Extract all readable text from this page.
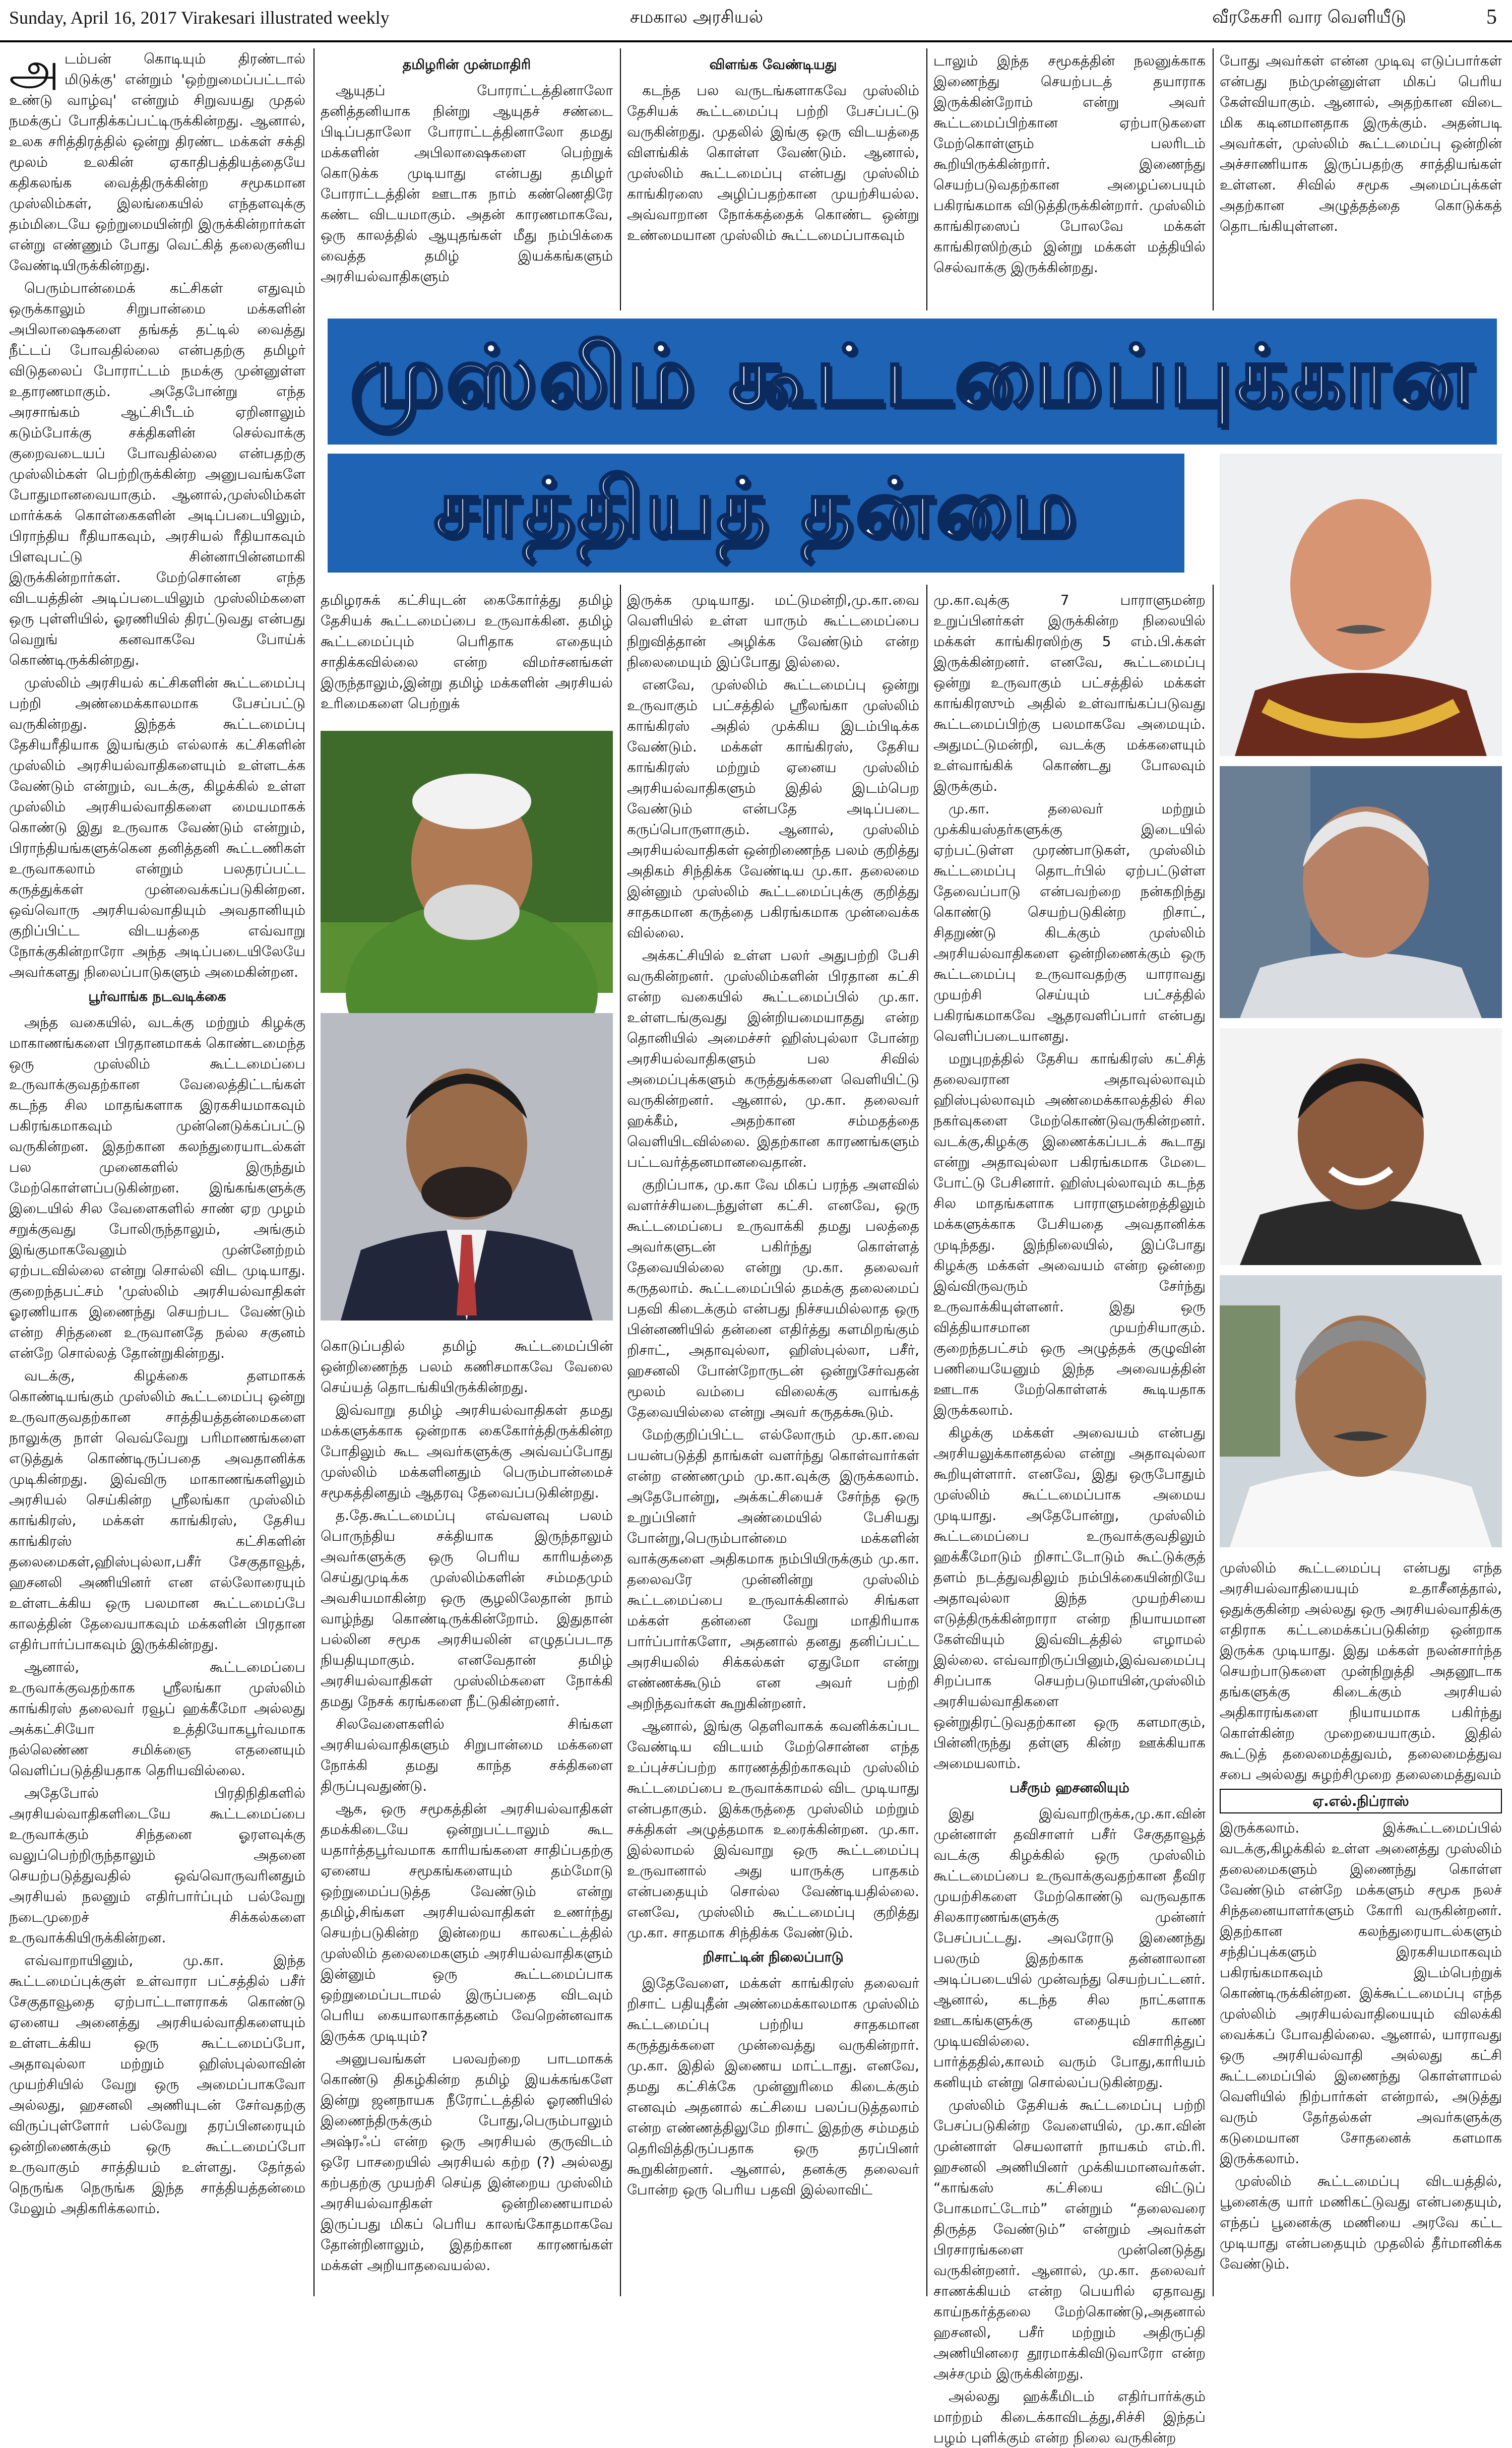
Sunday, April 16, 2017 Virakesari illustrated weekly	சமகால அரசியல்	வீரகேசரி வார வெளியீடு	5

அடம்பன் கொடியும் திரண்டால் மிடுக்கு' என்றும் 'ஒற்றுமைப்பட்டால் உண்டு வாழ்வு' என்றும் சிறுவயது முதல் நமக்குப் போதிக்கப்பட்டிருக்கின்றது. ஆனால், உலக சரித்திரத்தில் ஒன்று திரண்ட மக்கள் சக்தி மூலம் உலகின் ஏகாதிபத்தியத்தையே கதிகலங்க வைத்திருக்கின்ற சமூகமான முஸ்லிம்கள், இலங்கையில் எந்தளவுக்கு தம்மிடையே ஒற்றுமையின்றி இருக்கின்றார்கள் என்று எண்ணும் போது வெட்கித் தலைகுனிய வேண்டியிருக்கின்றது.

பெரும்பான்மைக் கட்சிகள் எதுவும் ஒருக்காலும் சிறுபான்மை மக்களின் அபிலாஷைகளை தங்கத் தட்டில் வைத்து நீட்டப் போவதில்லை என்பதற்கு தமிழர் விடுதலைப் போராட்டம் நமக்கு முன்னுள்ள உதாரணமாகும். அதேபோன்று எந்த அரசாங்கம் ஆட்சிபீடம் ஏறினாலும் கடும்போக்கு சக்திகளின் செல்வாக்கு குறைவடையப் போவதில்லை என்பதற்கு முஸ்லிம்கள் பெற்றிருக்கின்ற அனுபவங்களே போதுமானவையாகும். ஆனால்,முஸ்லிம்கள் மார்க்கக் கொள்கைகளின் அடிப்படையிலும், பிராந்திய ரீதியாகவும், அரசியல் ரீதியாகவும் பிளவுபட்டு சின்னாபின்னமாகி இருக்கின்றார்கள். மேற்சொன்ன எந்த விடயத்தின் அடிப்படையிலும் முஸ்லிம்களை ஒரு புள்ளியில், ஓரணியில் திரட்டுவது என்பது வெறுங் கனவாகவே போய்க் கொண்டிருக்கின்றது.

முஸ்லிம் அரசியல் கட்சிகளின் கூட்டமைப்பு பற்றி அண்மைக்காலமாக பேசப்பட்டு வருகின்றது. இந்தக் கூட்டமைப்பு தேசியரீதியாக இயங்கும் எல்லாக் கட்சிகளின் முஸ்லிம் அரசியல்வாதிகளையும் உள்ளடக்க வேண்டும் என்றும், வடக்கு, கிழக்கில் உள்ள முஸ்லிம் அரசியல்வாதிகளை மையமாகக் கொண்டு இது உருவாக வேண்டும் என்றும், பிராந்தியங்களுக்கென தனித்தனி கூட்டணிகள் உருவாகலாம் என்றும் பலதரப்பட்ட கருத்துக்கள் முன்வைக்கப்படுகின்றன. ஒவ்வொரு அரசியல்வாதியும் அவதானியும் குறிப்பிட்ட விடயத்தை எவ்வாறு நோக்குகின்றாரோ அந்த அடிப்படையிலேயே அவர்களது நிலைப்பாடுகளும் அமைகின்றன.

பூர்வாங்க நடவடிக்கை

அந்த வகையில், வடக்கு மற்றும் கிழக்கு மாகாணங்களை பிரதானமாகக் கொண்டமைந்த ஒரு முஸ்லிம் கூட்டமைப்பை உருவாக்குவதற்கான வேலைத்திட்டங்கள் கடந்த சில மாதங்களாக இரகசியமாகவும் பகிரங்கமாகவும் முன்னெடுக்கப்பட்டு வருகின்றன. இதற்கான கலந்துரையாடல்கள் பல முனைகளில் இருந்தும் மேற்கொள்ளப்படுகின்றன. இங்கங்களுக்கு இடையில் சில வேளைகளில் சாண் ஏற முழம் சறுக்குவது போலிருந்தாலும், அங்கும் இங்குமாகவேனும் முன்னேற்றம் ஏற்படவில்லை என்று சொல்லி விட முடியாது. குறைந்தபட்சம் 'முஸ்லிம் அரசியல்வாதிகள் ஓரணியாக இணைந்து செயற்பட வேண்டும் என்ற சிந்தனை உருவானதே நல்ல சகுனம் என்றே சொல்லத் தோன்றுகின்றது.

வடக்கு, கிழக்கை தளமாகக் கொண்டியங்கும் முஸ்லிம் கூட்டமைப்பு ஒன்று உருவாகுவதற்கான சாத்தியத்தன்மைகளை நாலுக்கு நாள் வெவ்வேறு பரிமாணங்களை எடுத்துக் கொண்டிருப்பதை அவதானிக்க முடிகின்றது. இவ்விரு மாகாணங்களிலும் அரசியல் செய்கின்ற ஸ்ரீலங்கா முஸ்லிம் காங்கிரஸ், மக்கள் காங்கிரஸ், தேசிய காங்கிரஸ் கட்சிகளின் தலைமைகள்,ஹிஸ்புல்லா,பசீர் சேகுதாவூத், ஹசனலி அணியினர் என எல்லோரையும் உள்ளடக்கிய ஒரு பலமான கூட்டமைப்பே காலத்தின் தேவையாகவும் மக்களின் பிரதான எதிர்பார்ப்பாகவும் இருக்கின்றது.

ஆனால், கூட்டமைப்பை உருவாக்குவதற்காக ஸ்ரீலங்கா முஸ்லிம் காங்கிரஸ் தலைவர் ரவூப் ஹக்கீமோ அல்லது அக்கட்சியோ உத்தியோகபூர்வமாக நல்லெண்ண சமிக்ஞை எதனையும் வெளிப்படுத்தியதாக தெரியவில்லை.

அதேபோல் பிரதிநிதிகளில் அரசியல்வாதிகளிடையே கூட்டமைப்பை உருவாக்கும் சிந்தனை ஓரளவுக்கு வலுப்பெற்றிருந்தாலும் அதனை செயற்படுத்துவதில் ஒவ்வொருவரினதும் அரசியல் நலனும் எதிர்பார்ப்பும் பல்வேறு நடைமுறைச் சிக்கல்களை உருவாக்கியிருக்கின்றன.

எவ்வாறாயினும், மு.கா. இந்த கூட்டமைப்புக்குள் உள்வாரா பட்சத்தில் பசீர் சேகுதாவூதை ஏற்பாட்டாளராகக் கொண்டு ஏனைய அனைத்து அரசியல்வாதிகளையும் உள்ளடக்கிய ஒரு கூட்டமைப்போ, அதாவுல்லா மற்றும் ஹிஸ்புல்லாவின் முயற்சியில் வேறு ஒரு அமைப்பாகவோ அல்லது, ஹசனலி அணியுடன் சேர்வதற்கு விருப்புள்ளோர் பல்வேறு தரப்பினரையும் ஒன்றிணைக்கும் ஒரு கூட்டமைப்போ உருவாகும் சாத்தியம் உள்ளது. தேர்தல் நெருங்க நெருங்க இந்த சாத்தியத்தன்மை மேலும் அதிகரிக்கலாம்.

தமிழரின் முன்மாதிரி

ஆயுதப் போராட்டத்தினாலோ தனித்தனியாக நின்று ஆயுதச் சண்டை பிடிப்பதாலோ போராட்டத்தினாலோ தமது மக்களின் அபிலாஷைகளை பெற்றுக் கொடுக்க முடியாது என்பது தமிழர் போராட்டத்தின் ஊடாக நாம் கண்ணெதிரே கண்ட விடயமாகும். அதன் காரணமாகவே, ஒரு காலத்தில் ஆயுதங்கள் மீது நம்பிக்கை வைத்த தமிழ் இயக்கங்களும் அரசியல்வாதிகளும்

விளங்க வேண்டியது

கடந்த பல வருடங்களாகவே முஸ்லிம் தேசியக் கூட்டமைப்பு பற்றி பேசப்பட்டு வருகின்றது. முதலில் இங்கு ஒரு விடயத்தை விளங்கிக் கொள்ள வேண்டும். ஆனால், முஸ்லிம் கூட்டமைப்பு என்பது முஸ்லிம் காங்கிரஸை அழிப்பதற்கான முயற்சியல்ல. அவ்வாறான நோக்கத்தைக் கொண்ட ஒன்று உண்மையான முஸ்லிம் கூட்டமைப்பாகவும்

டாலும் இந்த சமூகத்தின் நலனுக்காக இணைந்து செயற்படத் தயாராக இருக்கின்றோம் என்று அவர் கூட்டமைப்பிற்கான ஏற்பாடுகளை மேற்கொள்ளும் பலரிடம் கூறியிருக்கின்றார். இணைந்து செயற்படுவதற்கான அழைப்பையும் பகிரங்கமாக விடுத்திருக்கின்றார். முஸ்லிம் காங்கிரஸைப் போலவே மக்கள் காங்கிரஸிற்கும் இன்று மக்கள் மத்தியில் செல்வாக்கு இருக்கின்றது.

போது அவர்கள் என்ன முடிவு எடுப்பார்கள் என்பது நம்முன்னுள்ள மிகப் பெரிய கேள்வியாகும். ஆனால், அதற்கான விடை மிக கடினமானதாக இருக்கும். அதன்படி அவர்கள், முஸ்லிம் கூட்டமைப்பு ஒன்றின் அச்சாணியாக இருப்பதற்கு சாத்தியங்கள் உள்ளன. சிவில் சமூக அமைப்புக்கள் அதற்கான அழுத்தத்தை கொடுக்கத் தொடங்கியுள்ளன.

முஸ்லிம் கூட்டமைப்புக்கான
சாத்தியத் தன்மை

தமிழரசுக் கட்சியுடன் கைகோர்த்து தமிழ் தேசியக் கூட்டமைப்பை உருவாக்கின. தமிழ் கூட்டமைப்பும் பெரிதாக எதையும் சாதிக்கவில்லை என்ற விமர்சனங்கள் இருந்தாலும்,இன்று தமிழ் மக்களின் அரசியல் உரிமைகளை பெற்றுக்

கொடுப்பதில் தமிழ் கூட்டமைப்பின் ஒன்றிணைந்த பலம் கணிசமாகவே வேலை செய்யத் தொடங்கியிருக்கின்றது.

இவ்வாறு தமிழ் அரசியல்வாதிகள் தமது மக்களுக்காக ஒன்றாக கைகோர்த்திருக்கின்ற போதிலும் கூட அவர்களுக்கு அவ்வப்போது முஸ்லிம் மக்களினதும் பெரும்பான்மைச் சமூகத்தினதும் ஆதரவு தேவைப்படுகின்றது.

த.தே.கூட்டமைப்பு எவ்வளவு பலம் பொருந்திய சக்தியாக இருந்தாலும் அவர்களுக்கு ஒரு பெரிய காரியத்தை செய்துமுடிக்க முஸ்லிம்களின் சம்மதமும் அவசியமாகின்ற ஒரு சூழலிலேதான் நாம் வாழ்ந்து கொண்டிருக்கின்றோம். இதுதான் பல்லின சமூக அரசியலின் எழுதப்படாத நியதியுமாகும். எனவேதான் தமிழ் அரசியல்வாதிகள் முஸ்லிம்களை நோக்கி தமது நேசக் கரங்களை நீட்டுகின்றனர்.

சிலவேளைகளில் சிங்கள அரசியல்வாதிகளும் சிறுபான்மை மக்களை நோக்கி தமது காந்த சக்திகளை திருப்புவதுண்டு.

ஆக, ஒரு சமூகத்தின் அரசியல்வாதிகள் தமக்கிடையே ஒன்றுபட்டாலும் கூட யதார்த்தபூர்வமாக காரியங்களை சாதிப்பதற்கு ஏனைய சமூகங்களையும் தம்மோடு ஒற்றுமைப்படுத்த வேண்டும் என்று தமிழ்,சிங்கள அரசியல்வாதிகள் உணர்ந்து செயற்படுகின்ற இன்றைய காலகட்டத்தில் முஸ்லிம் தலைமைகளும் அரசியல்வாதிகளும் இன்னும் ஒரு கூட்டமைப்பாக ஒற்றுமைப்படாமல் இருப்பதை விடவும் பெரிய கையாலாகாத்தனம் வேறென்னவாக இருக்க முடியும்?

அனுபவங்கள் பலவற்றை பாடமாகக் கொண்டு திகழ்கின்ற தமிழ் இயக்கங்களே இன்று ஜனநாயக நீரோட்டத்தில் ஓரணியில் இணைந்திருக்கும் போது,பெரும்பாலும் அஷ்ரஃப் என்ற ஒரு அரசியல் குருவிடம் ஒரே பாசறையில் அரசியல் கற்ற (?) அல்லது கற்பதற்கு முயற்சி செய்த இன்றைய முஸ்லிம் அரசியல்வாதிகள் ஒன்றிணையாமல் இருப்பது மிகப் பெரிய காலங்கோதமாகவே தோன்றினாலும், இதற்கான காரணங்கள் மக்கள் அறியாதவையல்ல.

இருக்க முடியாது. மட்டுமன்றி,மு.கா.வை வெளியில் உள்ள யாரும் கூட்டமைப்பை நிறுவித்தான் அழிக்க வேண்டும் என்ற நிலைமையும் இப்போது இல்லை.

எனவே, முஸ்லிம் கூட்டமைப்பு ஒன்று உருவாகும் பட்சத்தில் ஸ்ரீலங்கா முஸ்லிம் காங்கிரஸ் அதில் முக்கிய இடம்பிடிக்க வேண்டும். மக்கள் காங்கிரஸ், தேசிய காங்கிரஸ் மற்றும் ஏனைய முஸ்லிம் அரசியல்வாதிகளும் இதில் இடம்பெற வேண்டும் என்பதே அடிப்படை கருப்பொருளாகும். ஆனால், முஸ்லிம் அரசியல்வாதிகள் ஒன்றிணைந்த பலம் குறித்து அதிகம் சிந்திக்க வேண்டிய மு.கா. தலைமை இன்னும் முஸ்லிம் கூட்டமைப்புக்கு குறித்து சாதகமான கருத்தை பகிரங்கமாக முன்வைக்க வில்லை.

அக்கட்சியில் உள்ள பலர் அதுபற்றி பேசி வருகின்றனர். முஸ்லிம்களின் பிரதான கட்சி என்ற வகையில் கூட்டமைப்பில் மு.கா. உள்ளடங்குவது இன்றியமையாதது என்ற தொனியில் அமைச்சர் ஹிஸ்புல்லா போன்ற அரசியல்வாதிகளும் பல சிவில் அமைப்புக்களும் கருத்துக்களை வெளியிட்டு வருகின்றனர். ஆனால், மு.கா. தலைவர் ஹக்கீம், அதற்கான சம்மதத்தை வெளியிடவில்லை. இதற்கான காரணங்களும் பட்டவர்த்தனமானவைதான்.

குறிப்பாக, மு.கா வே மிகப் பரந்த அளவில் வளர்ச்சியடைந்துள்ள கட்சி. எனவே, ஒரு கூட்டமைப்பை உருவாக்கி தமது பலத்தை அவர்களுடன் பகிர்ந்து கொள்ளத் தேவையில்லை என்று மு.கா. தலைவர் கருதலாம். கூட்டமைப்பில் தமக்கு தலைமைப் பதவி கிடைக்கும் என்பது நிச்சயமில்லாத ஒரு பின்னணியில் தன்னை எதிர்த்து களமிறங்கும் றிசாட், அதாவுல்லா, ஹிஸ்புல்லா, பசீர், ஹசனலி போன்றோருடன் ஒன்றுசேர்வதன் மூலம் வம்பை விலைக்கு வாங்கத் தேவையில்லை என்று அவர் கருதக்கூடும்.

மேற்குறிப்பிட்ட எல்லோரும் மு.கா.வை பயன்படுத்தி தாங்கள் வளர்ந்து கொள்வார்கள் என்ற எண்ணமும் மு.கா.வுக்கு இருக்கலாம். அதேபோன்று, அக்கட்சியைச் சேர்ந்த ஒரு உறுப்பினர் அண்மையில் பேசியது போன்று,பெரும்பான்மை மக்களின் வாக்குகளை அதிகமாக நம்பியிருக்கும் மு.கா. தலைவரே முன்னின்று முஸ்லிம் கூட்டமைப்பை உருவாக்கினால் சிங்கள மக்கள் தன்னை வேறு மாதிரியாக பார்ப்பார்களோ, அதனால் தனது தனிப்பட்ட அரசியலில் சிக்கல்கள் ஏதுமோ என்று எண்ணக்கூடும் என அவர் பற்றி அறிந்தவர்கள் கூறுகின்றனர்.

ஆனால், இங்கு தெளிவாகக் கவனிக்கப்பட வேண்டிய விடயம் மேற்சொன்ன எந்த உப்புச்சப்பற்ற காரணத்திற்காகவும் முஸ்லிம் கூட்டமைப்பை உருவாக்காமல் விட முடியாது என்பதாகும். இக்கருத்தை முஸ்லிம் மற்றும் சக்திகள் அழுத்தமாக உரைக்கின்றன. மு.கா. இல்லாமல் இவ்வாறு ஒரு கூட்டமைப்பு உருவானால் அது யாருக்கு பாதகம் என்பதையும் சொல்ல வேண்டியதில்லை. எனவே, முஸ்லிம் கூட்டமைப்பு குறித்து மு.கா. சாதமாக சிந்திக்க வேண்டும்.

றிசாட்டின் நிலைப்பாடு

இதேவேளை, மக்கள் காங்கிரஸ் தலைவர் றிசாட் பதியுதீன் அண்மைக்காலமாக முஸ்லிம் கூட்டமைப்பு பற்றிய சாதகமான கருத்துக்களை முன்வைத்து வருகின்றார். மு.கா. இதில் இணைய மாட்டாது. எனவே, தமது கட்சிக்கே முன்னுரிமை கிடைக்கும் எனவும் அதனால் கட்சியை பலப்படுத்தலாம் என்ற எண்ணத்திலுமே றிசாட் இதற்கு சம்மதம் தெரிவித்திருப்பதாக ஒரு தரப்பினர் கூறுகின்றனர். ஆனால், தனக்கு தலைவர் போன்ற ஒரு பெரிய பதவி இல்லாவிட்

மு.கா.வுக்கு 7 பாராளுமன்ற உறுப்பினர்கள் இருக்கின்ற நிலையில் மக்கள் காங்கிரஸிற்கு 5 எம்.பி.க்கள் இருக்கின்றனர். எனவே, கூட்டமைப்பு ஒன்று உருவாகும் பட்சத்தில் மக்கள் காங்கிரஸும் அதில் உள்வாங்கப்படுவது கூட்டமைப்பிற்கு பலமாகவே அமையும். அதுமட்டுமன்றி, வடக்கு மக்களையும் உள்வாங்கிக் கொண்டது போலவும் இருக்கும்.

மு.கா. தலைவர் மற்றும் முக்கியஸ்தர்களுக்கு இடையில் ஏற்பட்டுள்ள முரண்பாடுகள், முஸ்லிம் கூட்டமைப்பு தொடர்பில் ஏற்பட்டுள்ள தேவைப்பாடு என்பவற்றை நன்கறிந்து கொண்டு செயற்படுகின்ற றிசாட், சிதறுண்டு கிடக்கும் முஸ்லிம் அரசியல்வாதிகளை ஒன்றிணைக்கும் ஒரு கூட்டமைப்பு உருவாவதற்கு யாராவது முயற்சி செய்யும் பட்சத்தில் பகிரங்கமாகவே ஆதரவளிப்பார் என்பது வெளிப்படையானது.

மறுபுறத்தில் தேசிய காங்கிரஸ் கட்சித் தலைவரான அதாவுல்லாவும் ஹிஸ்புல்லாவும் அண்மைக்காலத்தில் சில நகர்வுகளை மேற்கொண்டுவருகின்றனர். வடக்கு,கிழக்கு இணைக்கப்படக் கூடாது என்று அதாவுல்லா பகிரங்கமாக மேடை போட்டு பேசினார். ஹிஸ்புல்லாவும் கடந்த சில மாதங்களாக பாராளுமன்றத்திலும் மக்களுக்காக பேசியதை அவதானிக்க முடிந்தது. இந்நிலையில், இப்போது கிழக்கு மக்கள் அவையம் என்ற ஒன்றை இவ்விருவரும் சேர்ந்து உருவாக்கியுள்ளனர். இது ஒரு வித்தியாசமான முயற்சியாகும். குறைந்தபட்சம் ஒரு அழுத்தக் குழுவின் பணியையேனும் இந்த அவையத்தின் ஊடாக மேற்கொள்ளக் கூடியதாக இருக்கலாம்.

கிழக்கு மக்கள் அவையம் என்பது அரசியலுக்கானதல்ல என்று அதாவுல்லா கூறியுள்ளார். எனவே, இது ஒருபோதும் முஸ்லிம் கூட்டமைப்பாக அமைய முடியாது. அதேபோன்று, முஸ்லிம் கூட்டமைப்பை உருவாக்குவதிலும் ஹக்கீமோடும் றிசாட்டோடும் கூட்டுக்குத் தளம் நடத்துவதிலும் நம்பிக்கையின்றியே அதாவுல்லா இந்த முயற்சியை எடுத்திருக்கின்றாரா என்ற நியாயமான கேள்வியும் இவ்விடத்தில் எழாமல் இல்லை. எவ்வாறிருப்பினும்,இவ்வமைப்பு சிறப்பாக செயற்படுமாயின்,முஸ்லிம் அரசியல்வாதிகளை ஒன்றுதிரட்டுவதற்கான ஒரு களமாகும், பின்னிருந்து தள்ளு கின்ற ஊக்கியாக அமையலாம்.

பசீரும் ஹசனலியும்

இது இவ்வாறிருக்க,மு.கா.வின் முன்னாள் தவிசாளர் பசீர் சேகுதாவூத் வடக்கு கிழக்கில் ஒரு முஸ்லிம் கூட்டமைப்பை உருவாக்குவதற்கான தீவிர முயற்சிகளை மேற்கொண்டு வருவதாக சிலகாரணங்களுக்கு முன்னர் பேசப்பட்டது. அவரோடு இணைந்து பலரும் இதற்காக தன்னாலான அடிப்படையில் முன்வந்து செயற்பட்டனர். ஆனால், கடந்த சில நாட்களாக ஊடகங்களுக்கு எதையும் காண முடியவில்லை. விசாரித்துப் பார்த்ததில்,காலம் வரும் போது,காரியம் கனியும் என்று சொல்லப்படுகின்றது.

முஸ்லிம் தேசியக் கூட்டமைப்பு பற்றி பேசப்படுகின்ற வேளையில், மு.கா.வின் முன்னாள் செயலாளர் நாயகம் எம்.ரி. ஹசனலி அணியினர் முக்கியமானவர்கள். “காங்கஸ் கட்சியை விட்டுப் போகமாட்டோம்” என்றும் “தலைவரை திருத்த வேண்டும்” என்றும் அவர்கள் பிரசாரங்களை முன்னெடுத்து வருகின்றனர். ஆனால், மு.கா. தலைவர் சாணக்கியம் என்ற பெயரில் ஏதாவது காய்நகர்த்தலை மேற்கொண்டு,அதனால் ஹசனலி, பசீர் மற்றும் அதிருப்தி அணியினரை தூரமாக்கிவிடுவாரோ என்ற அச்சமும் இருக்கின்றது.

அல்லது ஹக்கீமிடம் எதிர்பார்க்கும் மாற்றம் கிடைக்காவிடத்து,சிச்சி இந்தப் பழம் புளிக்கும் என்ற நிலை வருகின்ற

முஸ்லிம் கூட்டமைப்பு என்பது எந்த அரசியல்வாதியையும் உதாசீனத்தால், ஒதுக்குகின்ற அல்லது ஒரு அரசியல்வாதிக்கு எதிராக கட்டமைக்கப்படுகின்ற ஒன்றாக இருக்க முடியாது. இது மக்கள் நலன்சார்ந்த செயற்பாடுகளை முன்நிறுத்தி அதனூடாக தங்களுக்கு கிடைக்கும் அரசியல் அதிகாரங்களை நியாயமாக பகிர்ந்து கொள்கின்ற முறையையாகும். இதில் கூட்டுத் தலைமைத்துவம், தலைமைத்துவ சபை அல்லது சுழற்சிமுறை தலைமைத்துவம்

ஏ.எல்.நிப்ராஸ்

இருக்கலாம். இக்கூட்டமைப்பில் வடக்கு,கிழக்கில் உள்ள அனைத்து முஸ்லிம் தலைமைகளும் இணைந்து கொள்ள வேண்டும் என்றே மக்களும் சமூக நலச் சிந்தனையாளர்களும் கோரி வருகின்றனர். இதற்கான கலந்துரையாடல்களும் சந்திப்புக்களும் இரகசியமாகவும் பகிரங்கமாகவும் இடம்பெற்றுக் கொண்டிருக்கின்றன. இக்கூட்டமைப்பு எந்த முஸ்லிம் அரசியல்வாதியையும் விலக்கி வைக்கப் போவதில்லை. ஆனால், யாராவது ஒரு அரசியல்வாதி அல்லது கட்சி கூட்டமைப்பில் இணைந்து கொள்ளாமல் வெளியில் நிற்பார்கள் என்றால், அடுத்து வரும் தேர்தல்கள் அவர்களுக்கு கடுமையான சோதனைக் களமாக இருக்கலாம்.

முஸ்லிம் கூட்டமைப்பு விடயத்தில், பூனைக்கு யார் மணிகட்டுவது என்பதையும், எந்தப் பூனைக்கு மணியை அரவே கட்ட முடியாது என்பதையும் முதலில் தீர்மானிக்க வேண்டும்.
